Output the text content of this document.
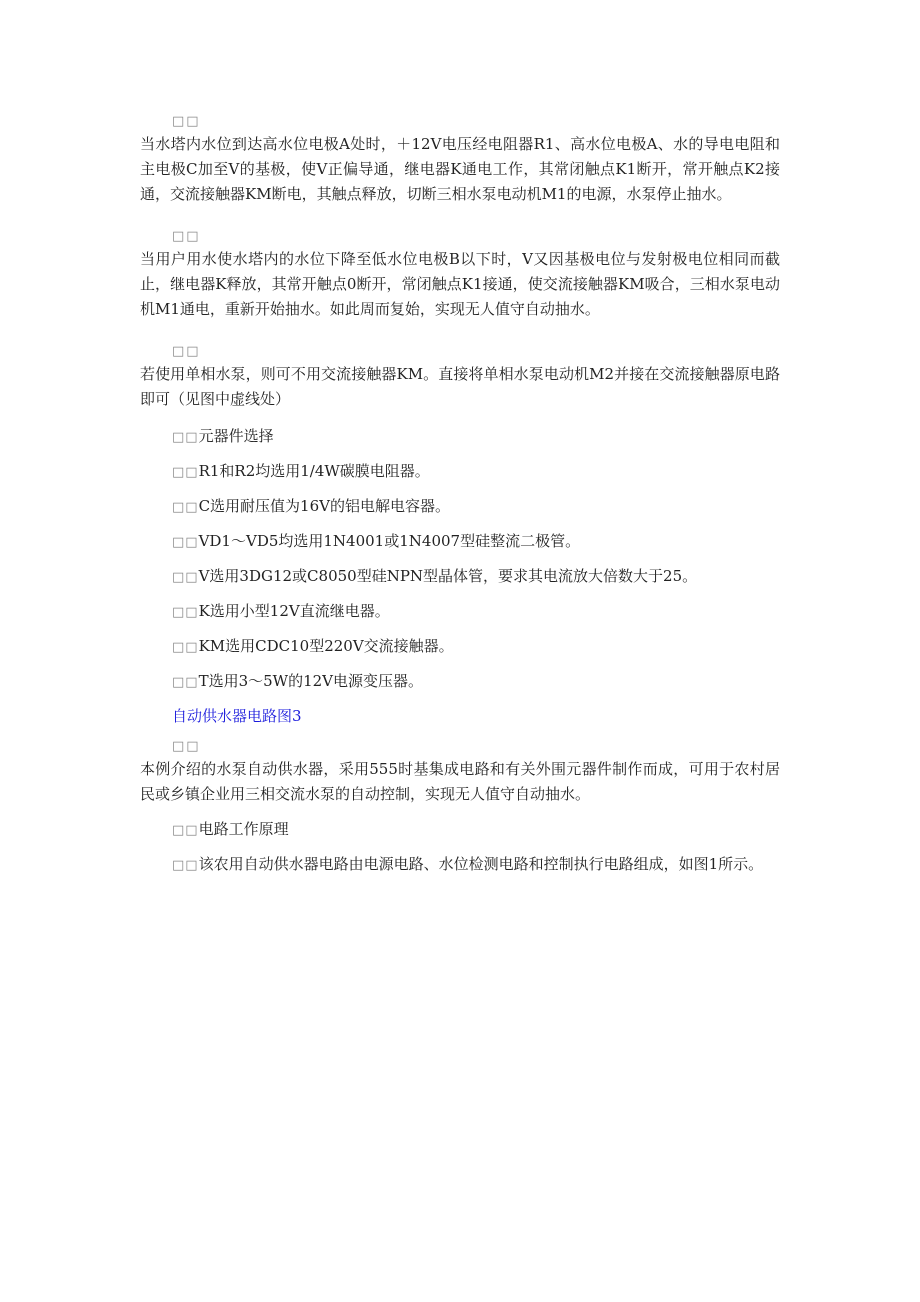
□□

当水塔内水位到达高水位电极A处时，＋12V电压经电阻器R1、高水位电极A、水的导电电阻和主电极C加至V的基极，使V正偏导通，继电器K通电工作，其常闭触点K1断开，常开触点K2接通，交流接触器KM断电，其触点释放，切断三相水泵电动机M1的电源，水泵停止抽水。

□□

当用户用水使水塔内的水位下降至低水位电极B以下时，V又因基极电位与发射极电位相同而截止，继电器K释放，其常开触点0断开，常闭触点K1接通，使交流接触器KM吸合，三相水泵电动机M1通电，重新开始抽水。如此周而复始，实现无人值守自动抽水。

□□

若使用单相水泵，则可不用交流接触器KM。直接将单相水泵电动机M2并接在交流接触器原电路即可（见图中虚线处）

□□元器件选择
□□R1和R2均选用1/4W碳膜电阻器。
□□C选用耐压值为16V的铝电解电容器。
□□VD1～VD5均选用1N4001或1N4007型硅整流二极管。
□□V选用3DG12或C8050型硅NPN型晶体管，要求其电流放大倍数大于25。
□□K选用小型12V直流继电器。
□□KM选用CDC10型220V交流接触器。
□□T选用3～5W的12V电源变压器。
自动供水器电路图3
□□

本例介绍的水泵自动供水器，采用555时基集成电路和有关外围元器件制作而成，可用于农村居民或乡镇企业用三相交流水泵的自动控制，实现无人值守自动抽水。

□□电路工作原理

□□该农用自动供水器电路由电源电路、水位检测电路和控制执行电路组成，如图1所示。
